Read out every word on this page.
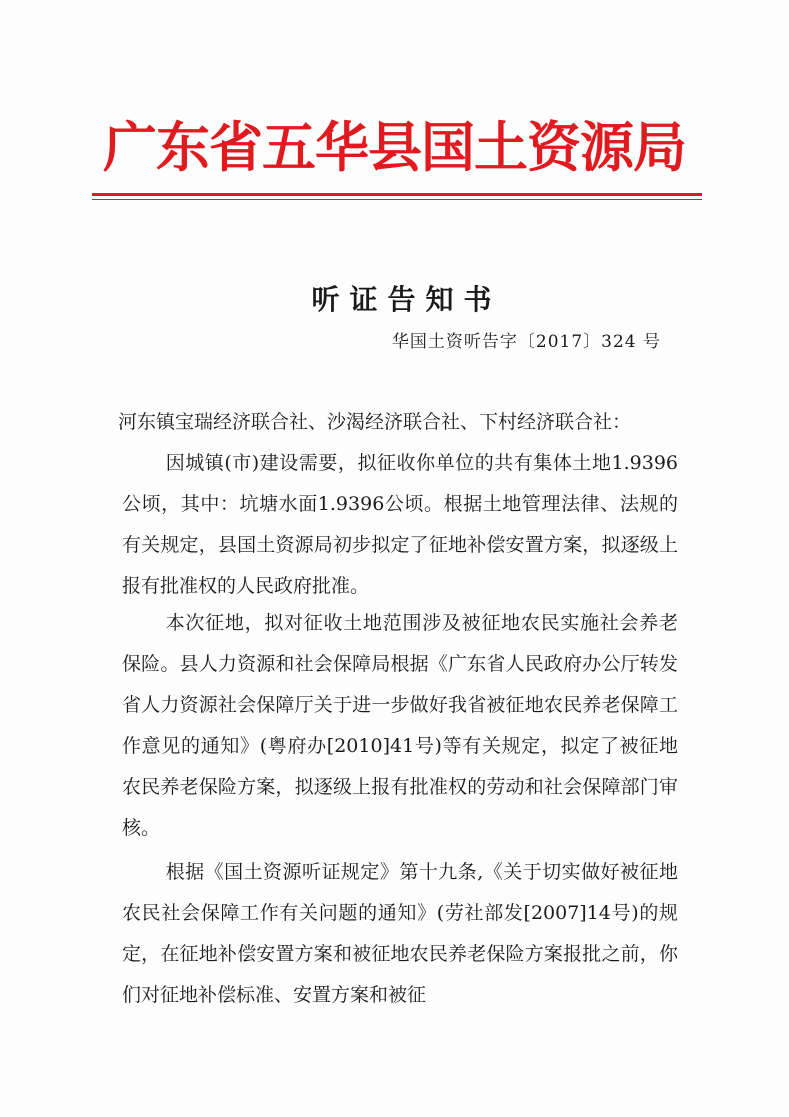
广东省五华县国土资源局
听证告知书
华国土资听告字〔2017〕324 号
河东镇宝瑞经济联合社、沙渴经济联合社、下村经济联合社：

因城镇(市)建设需要，拟征收你单位的共有集体土地1.9396公顷，其中：坑塘水面1.9396公顷。根据土地管理法律、法规的有关规定，县国土资源局初步拟定了征地补偿安置方案，拟逐级上报有批准权的人民政府批准。

本次征地，拟对征收土地范围涉及被征地农民实施社会养老保险。县人力资源和社会保障局根据《广东省人民政府办公厅转发省人力资源社会保障厅关于进一步做好我省被征地农民养老保障工作意见的通知》(粤府办[2010]41号)等有关规定，拟定了被征地农民养老保险方案，拟逐级上报有批准权的劳动和社会保障部门审核。

根据《国土资源听证规定》第十九条,《关于切实做好被征地农民社会保障工作有关问题的通知》(劳社部发[2007]14号)的规定，在征地补偿安置方案和被征地农民养老保险方案报批之前，你们对征地补偿标准、安置方案和被征
